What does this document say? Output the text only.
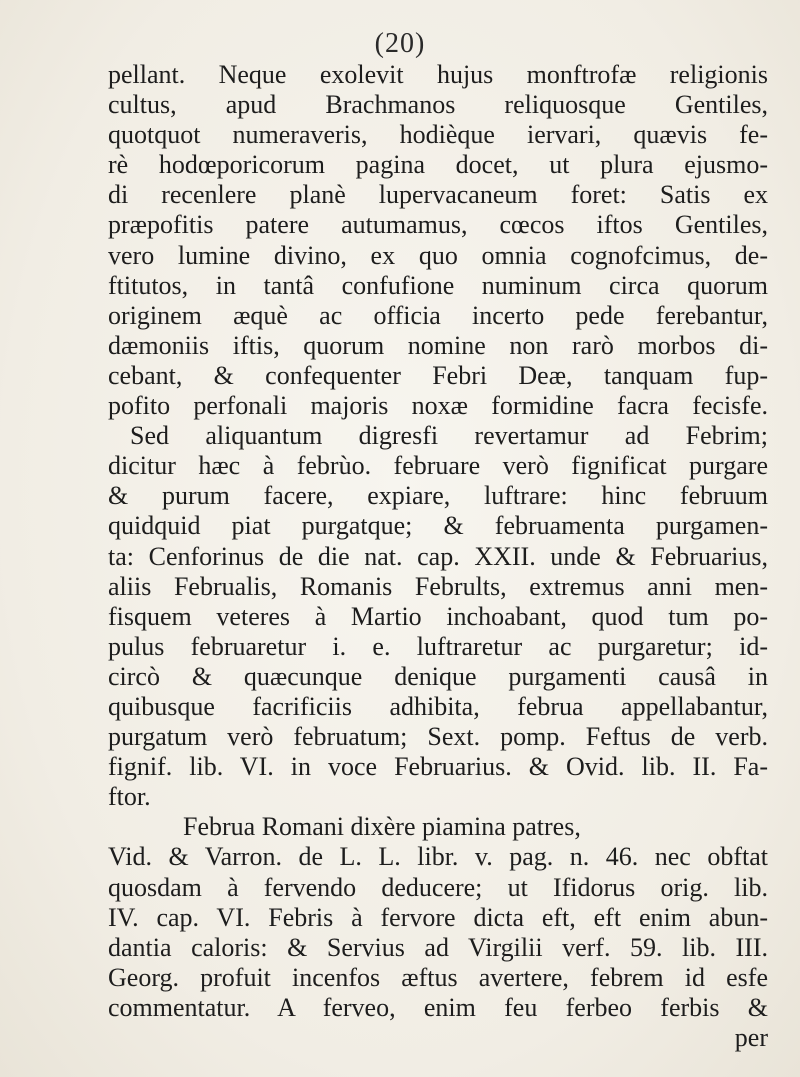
(20)
pellant. Neque exolevit hujus monftrofæ religionis
cultus, apud Brachmanos reliquosque Gentiles,
quotquot numeraveris, hodièque iervari, quævis fe-
rè hodœporicorum pagina docet, ut plura ejusmo-
di recenlere planè lupervacaneum foret: Satis ex
præpofitis patere autumamus, cœcos iftos Gentiles,
vero lumine divino, ex quo omnia cognofcimus, de-
ftitutos, in tantâ confufione numinum circa quorum
originem æquè ac officia incerto pede ferebantur,
dæmoniis iftis, quorum nomine non rarò morbos di-
cebant, & confequenter Febri Deæ, tanquam fup-
pofito perfonali majoris noxæ formidine facra fecisfe.
Sed aliquantum digresfi revertamur ad Febrim;
dicitur hæc à febrùo. februare verò fignificat purgare
& purum facere, expiare, luftrare: hinc februum
quidquid piat purgatque; & februamenta purgamen-
ta: Cenforinus de die nat. cap. XXII. unde & Februarius,
aliis Februalis, Romanis Febrults, extremus anni men-
fisquem veteres à Martio inchoabant, quod tum po-
pulus februaretur i. e. luftraretur ac purgaretur; id-
circò & quæcunque denique purgamenti causâ in
quibusque facrificiis adhibita, februa appellabantur,
purgatum verò februatum; Sext. pomp. Feftus de verb.
fignif. lib. VI. in voce Februarius. & Ovid. lib. II. Fa-
ftor.
Februa Romani dixère piamina patres,
Vid. & Varron. de L. L. libr. v. pag. n. 46. nec obftat
quosdam à fervendo deducere; ut Ifidorus orig. lib.
IV. cap. VI. Febris à fervore dicta eft, eft enim abun-
dantia caloris: & Servius ad Virgilii verf. 59. lib. III.
Georg. profuit incenfos æftus avertere, febrem id esfe
commentatur. A ferveo, enim feu ferbeo ferbis &
per
